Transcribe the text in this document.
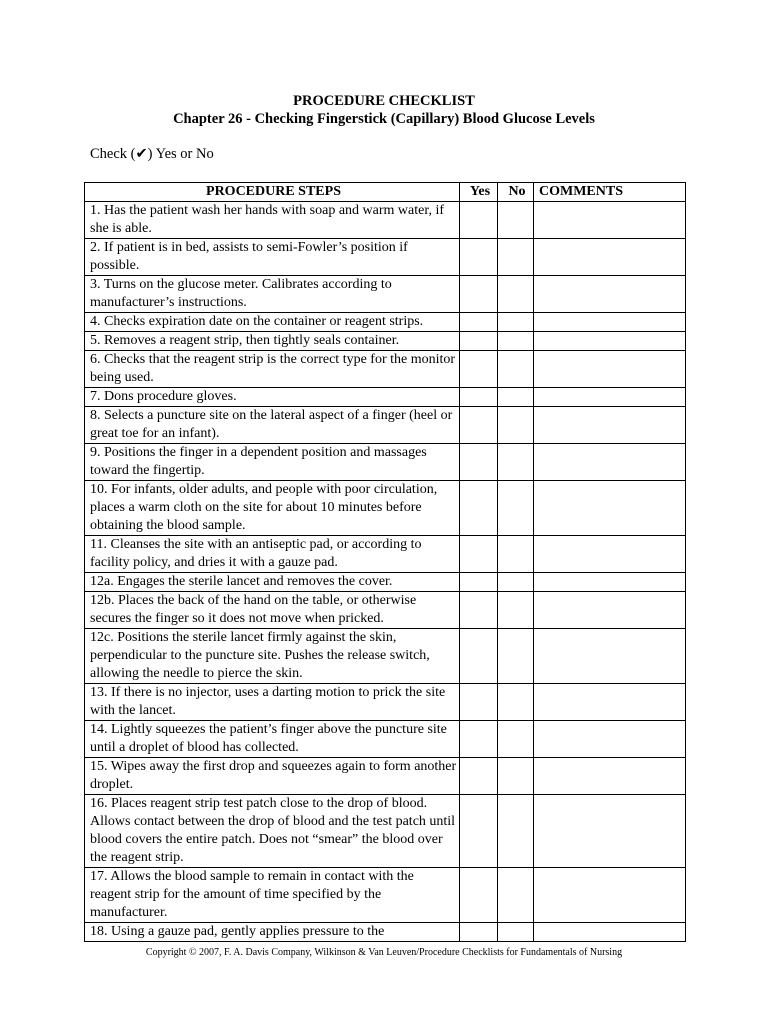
PROCEDURE CHECKLIST
Chapter 26 - Checking Fingerstick (Capillary) Blood Glucose Levels
Check (✔) Yes or No
PROCEDURE STEPS	Yes	No	COMMENTS
1. Has the patient wash her hands with soap and warm water, if she is able.			
2. If patient is in bed, assists to semi-Fowler’s position if possible.			
3. Turns on the glucose meter. Calibrates according to manufacturer’s instructions.			
4. Checks expiration date on the container or reagent strips.			
5. Removes a reagent strip, then tightly seals container.			
6. Checks that the reagent strip is the correct type for the monitor being used.			
7. Dons procedure gloves.			
8. Selects a puncture site on the lateral aspect of a finger (heel or great toe for an infant).			
9. Positions the finger in a dependent position and massages toward the fingertip.			
10. For infants, older adults, and people with poor circulation, places a warm cloth on the site for about 10 minutes before obtaining the blood sample.			
11. Cleanses the site with an antiseptic pad, or according to facility policy, and dries it with a gauze pad.			
12a. Engages the sterile lancet and removes the cover.			
12b. Places the back of the hand on the table, or otherwise secures the finger so it does not move when pricked.			
12c. Positions the sterile lancet firmly against the skin, perpendicular to the puncture site. Pushes the release switch, allowing the needle to pierce the skin.			
13. If there is no injector, uses a darting motion to prick the site with the lancet.			
14. Lightly squeezes the patient’s finger above the puncture site until a droplet of blood has collected.			
15. Wipes away the first drop and squeezes again to form another droplet.			
16. Places reagent strip test patch close to the drop of blood. Allows contact between the drop of blood and the test patch until blood covers the entire patch. Does not “smear” the blood over the reagent strip.			
17. Allows the blood sample to remain in contact with the reagent strip for the amount of time specified by the manufacturer.			
18. Using a gauze pad, gently applies pressure to the			
Copyright © 2007, F. A. Davis Company, Wilkinson & Van Leuven/Procedure Checklists for Fundamentals of Nursing
